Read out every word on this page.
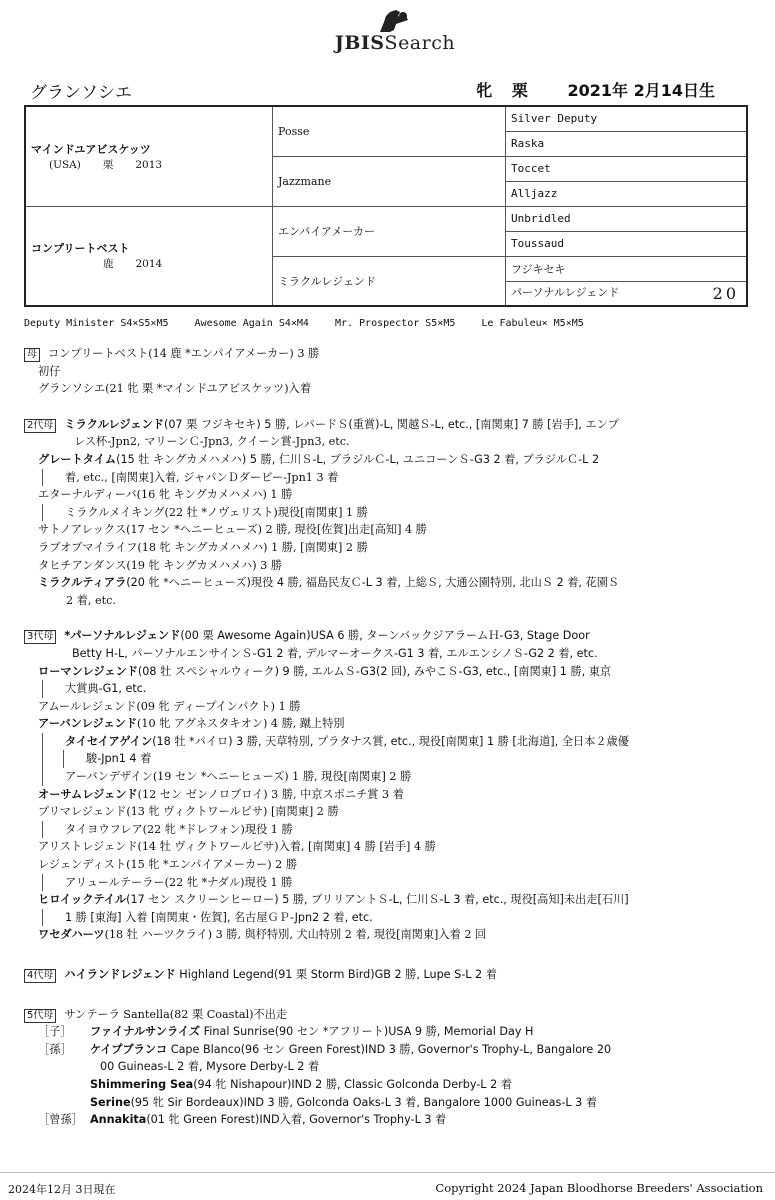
JBISSearch
グランソシエ	牝 栗 2021年 2月14日生
マインドユアビスケッツ
(USA) 栗 2013	Posse	Silver Deputy
		Raska
	Jazzmane	Toccet
		Alljazz

コンプリートベスト
鹿 2014	エンパイアメーカー	Unbridled
		Toussaud
	ミラクルレジェンド	フジキセキ
		パーソナルレジェンド 20
Deputy Minister S4×S5×M5	Awesome Again S4×M4	Mr. Prospector S5×M5	Le Fabuleu× M5×M5
母 コンプリートベスト(14 鹿 *エンパイアメーカー) 3 勝
初仔
グランソシエ(21 牝 栗 *マインドユアビスケッツ)入着
2代母 ミラクルレジェンド(07 栗 フジキセキ) 5 勝, レパードＳ(重賞)-L, 関越Ｓ-L, etc., [南関東] 7 勝 [岩手], エンプ
レス杯-Jpn2, マリーンＣ-Jpn3, クイーン賞-Jpn3, etc.
グレートタイム(15 牡 キングカメハメハ) 5 勝, 仁川Ｓ-L, ブラジルＣ-L, ユニコーンＳ-G3 2 着, ブラジルＣ-L 2
着, etc., [南関東]入着, ジャパンＤダービー-Jpn1 3 着
エターナルディーバ(16 牝 キングカメハメハ) 1 勝
ミラクルメイキング(22 牡 *ノヴェリスト)現役[南関東] 1 勝
サトノアレックス(17 セン *ヘニーヒューズ) 2 勝, 現役[佐賀]出走[高知] 4 勝
ラブオブマイライフ(18 牝 キングカメハメハ) 1 勝, [南関東] 2 勝
タヒチアンダンス(19 牝 キングカメハメハ) 3 勝
ミラクルティアラ(20 牝 *ヘニーヒューズ)現役 4 勝, 福島民友Ｃ-L 3 着, 上総Ｓ, 大通公園特別, 北山Ｓ 2 着, 花園Ｓ
2 着, etc.
3代母 *パーソナルレジェンド(00 栗 Awesome Again)USA 6 勝, ターンバックジアラームＨ-G3, Stage Door
Betty H-L, パーソナルエンサインＳ-G1 2 着, デルマーオークス-G1 3 着, エルエンシノＳ-G2 2 着, etc.
ローマンレジェンド(08 牡 スペシャルウィーク) 9 勝, エルムＳ-G3(2 回), みやこＳ-G3, etc., [南関東] 1 勝, 東京
大賞典-G1, etc.
アムールレジェンド(09 牝 ディープインパクト) 1 勝
アーバンレジェンド(10 牝 アグネスタキオン) 4 勝, 蹴上特別
タイセイアゲイン(18 牡 *パイロ) 3 勝, 天草特別, プラタナス賞, etc., 現役[南関東] 1 勝 [北海道], 全日本２歳優
駿-Jpn1 4 着
アーバンデザイン(19 セン *ヘニーヒューズ) 1 勝, 現役[南関東] 2 勝
オーサムレジェンド(12 セン ゼンノロブロイ) 3 勝, 中京スポニチ賞 3 着
プリマレジェンド(13 牝 ヴィクトワールピサ) [南関東] 2 勝
タイヨウフレア(22 牝 *ドレフォン)現役 1 勝
アリストレジェンド(14 牡 ヴィクトワールピサ)入着, [南関東] 4 勝 [岩手] 4 勝
レジェンディスト(15 牝 *エンパイアメーカー) 2 勝
アリュールテーラー(22 牝 *ナダル)現役 1 勝
ヒロイックテイル(17 セン スクリーンヒーロー) 5 勝, ブリリアントＳ-L, 仁川Ｓ-L 3 着, etc., 現役[高知]未出走[石川]
1 勝 [東海] 入着 [南関東・佐賀], 名古屋ＧＰ-Jpn2 2 着, etc.
ワセダハーツ(18 牡 ハーツクライ) 3 勝, 與杼特別, 犬山特別 2 着, 現役[南関東]入着 2 回
4代母 ハイランドレジェンド Highland Legend(91 栗 Storm Bird)GB 2 勝, Lupe S-L 2 着
5代母 サンテーラ Santella(82 栗 Coastal)不出走
［子］ ファイナルサンライズ Final Sunrise(90 セン *アフリート)USA 9 勝, Memorial Day H
［孫］ ケイプブランコ Cape Blanco(96 セン Green Forest)IND 3 勝, Governor's Trophy-L, Bangalore 20
00 Guineas-L 2 着, Mysore Derby-L 2 着
Shimmering Sea(94 牝 Nishapour)IND 2 勝, Classic Golconda Derby-L 2 着
Serine(95 牝 Sir Bordeaux)IND 3 勝, Golconda Oaks-L 3 着, Bangalore 1000 Guineas-L 3 着
［曾孫］ Annakita(01 牝 Green Forest)IND入着, Governor's Trophy-L 3 着
2024年12月 3日現在	Copyright 2024 Japan Bloodhorse Breeders' Association
